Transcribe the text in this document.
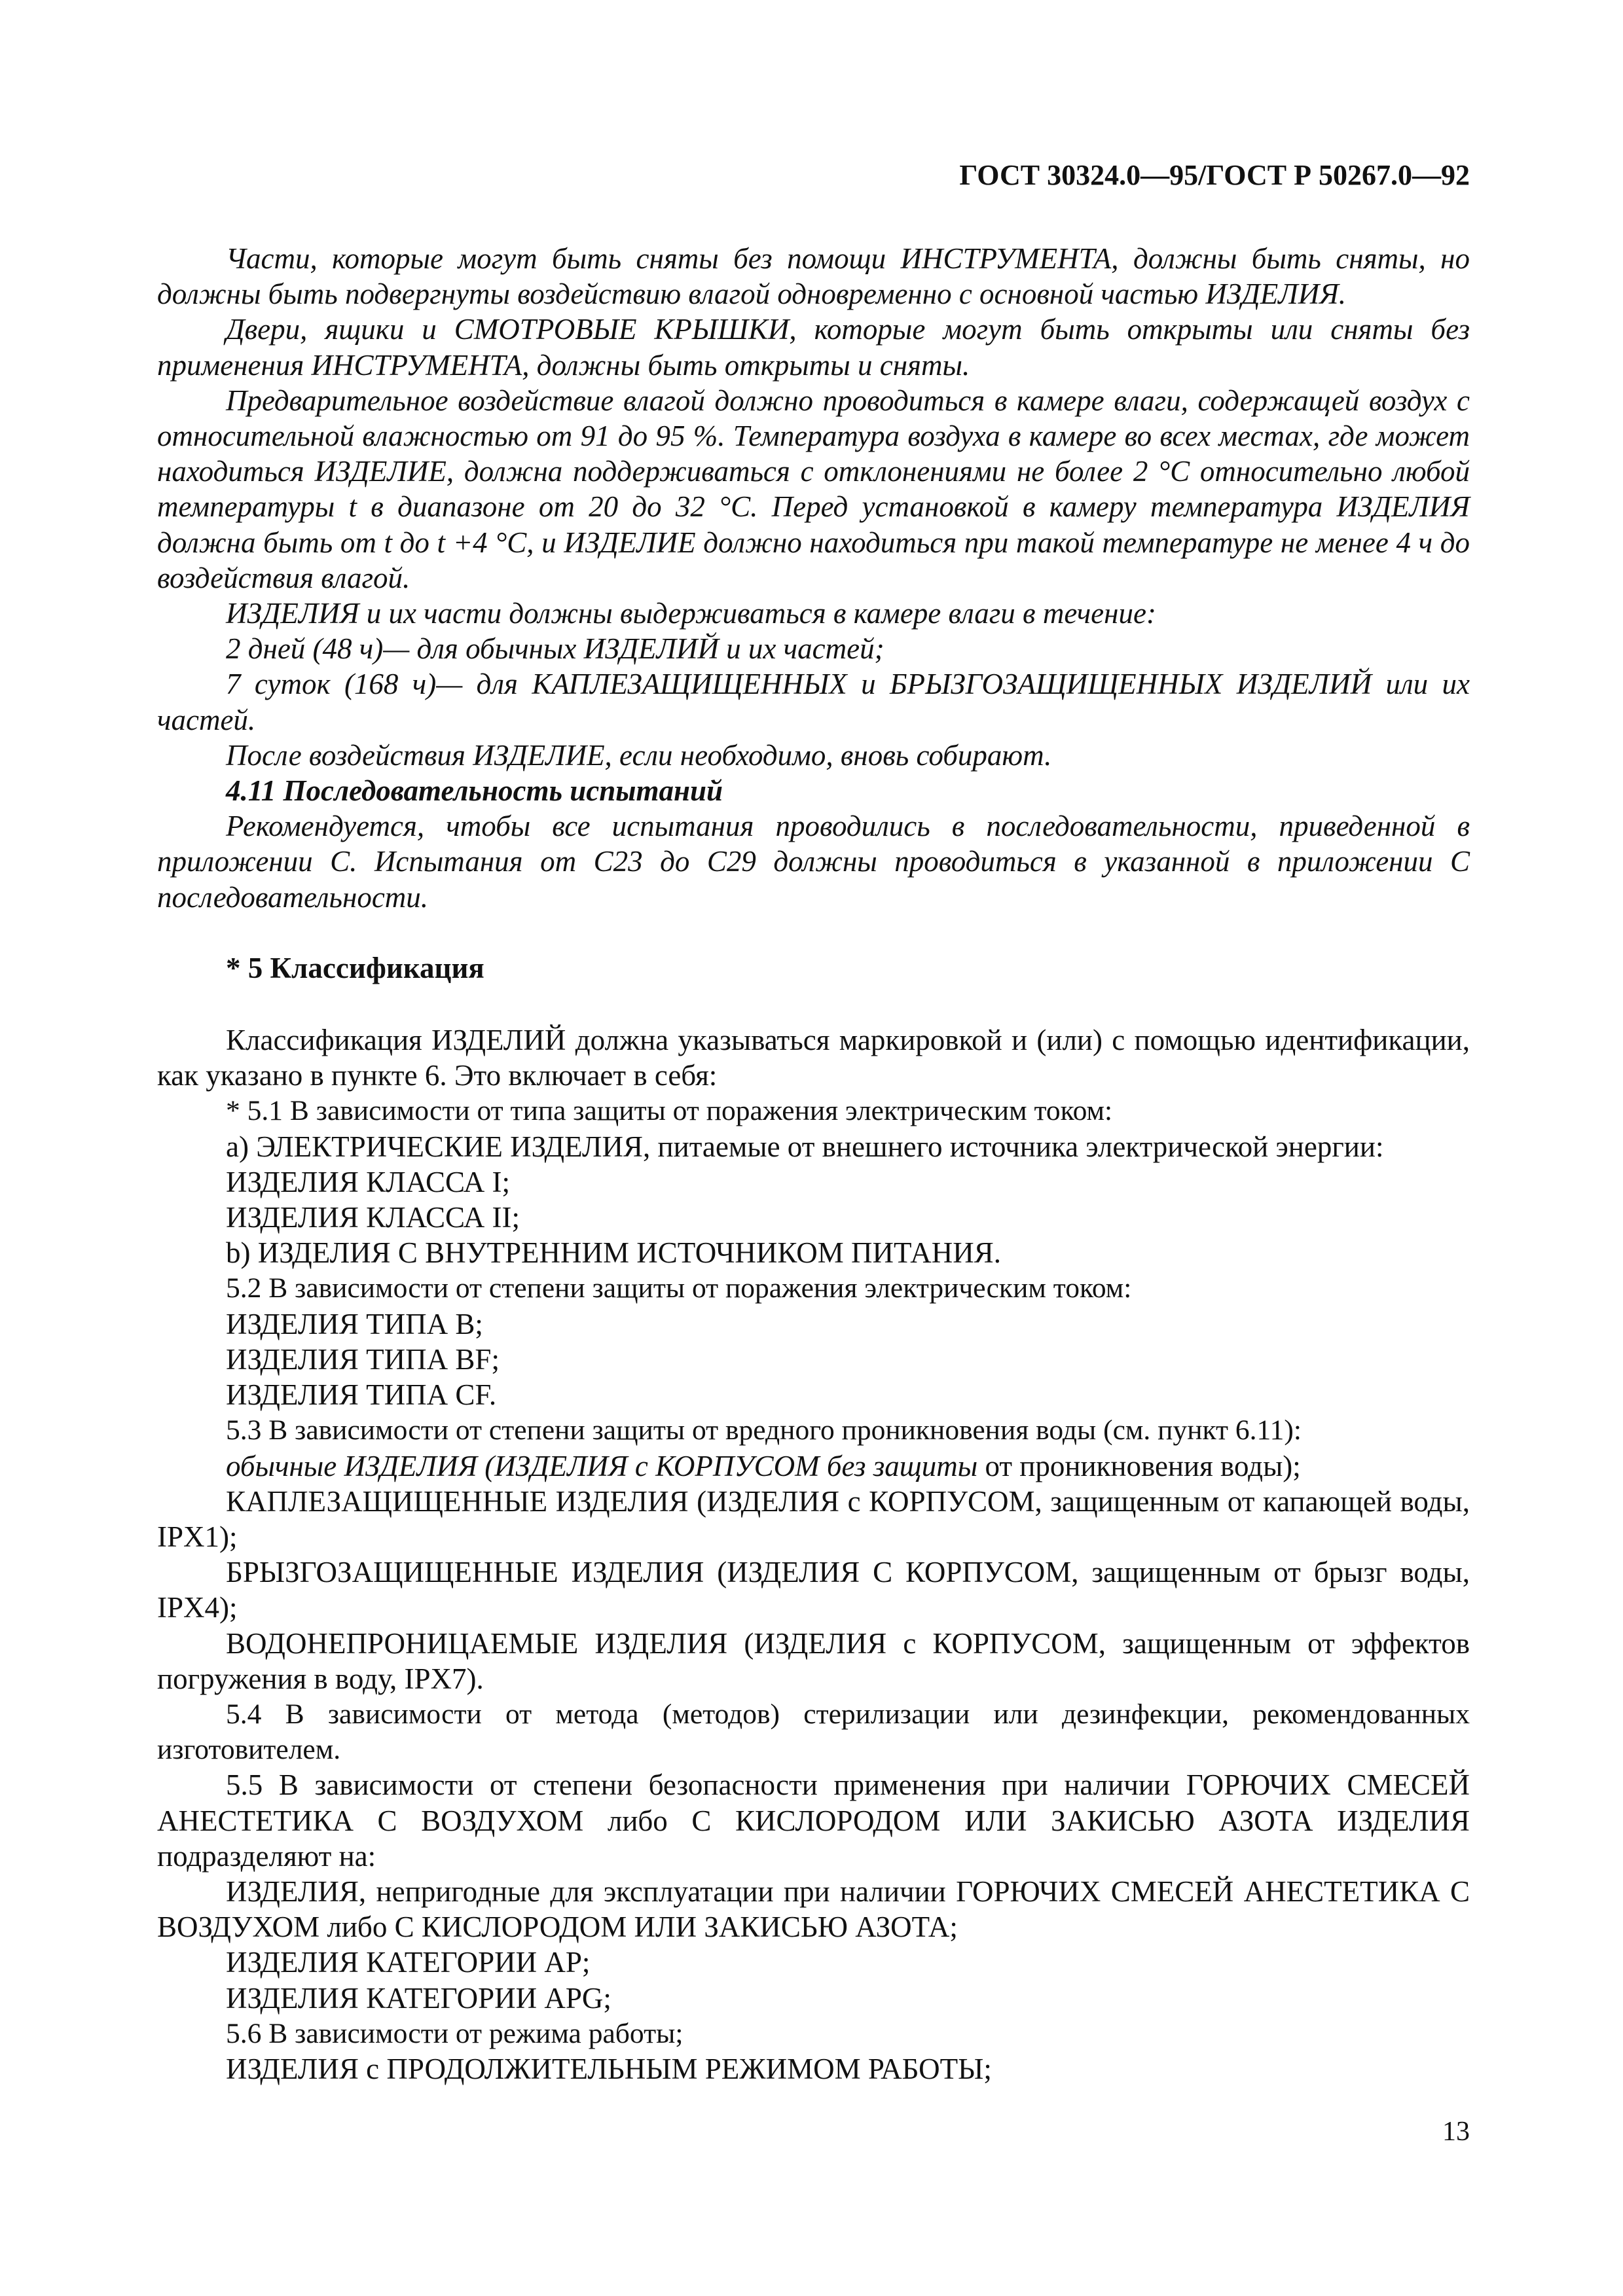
ГОСТ 30324.0—95/ГОСТ Р 50267.0—92

Части, которые могут быть сняты без помощи ИНСТРУМЕНТА, должны быть сняты, но должны быть подвергнуты воздействию влагой одновременно с основной частью ИЗДЕЛИЯ.

Двери, ящики и СМОТРОВЫЕ КРЫШКИ, которые могут быть открыты или сняты без применения ИНСТРУМЕНТА, должны быть открыты и сняты.

Предварительное воздействие влагой должно проводиться в камере влаги, содержащей воздух с относительной влажностью от 91 до 95 %. Температура воздуха в камере во всех местах, где может находиться ИЗДЕЛИЕ, должна поддерживаться с отклонениями не более 2 °С относительно любой температуры t в диапазоне от 20 до 32 °С. Перед установкой в камеру температура ИЗДЕЛИЯ должна быть от t до t +4 °С, и ИЗДЕЛИЕ должно находиться при такой температуре не менее 4 ч до воздействия влагой.

ИЗДЕЛИЯ и их части должны выдерживаться в камере влаги в течение:

2 дней (48 ч)— для обычных ИЗДЕЛИЙ и их частей;

7 суток (168 ч)— для КАПЛЕЗАЩИЩЕННЫХ и БРЫЗГОЗАЩИЩЕННЫХ ИЗДЕЛИЙ или их частей.

После воздействия ИЗДЕЛИЕ, если необходимо, вновь собирают.

4.11 Последовательность испытаний

Рекомендуется, чтобы все испытания проводились в последовательности, приведенной в приложении С. Испытания от С23 до С29 должны проводиться в указанной в приложении С последовательности.

* 5 Классификация

Классификация ИЗДЕЛИЙ должна указываться маркировкой и (или) с помощью идентификации, как указано в пункте 6. Это включает в себя:

* 5.1 В зависимости от типа защиты от поражения электрическим током:

а) ЭЛЕКТРИЧЕСКИЕ ИЗДЕЛИЯ, питаемые от внешнего источника электрической энергии:

ИЗДЕЛИЯ КЛАССА I;

ИЗДЕЛИЯ КЛАССА II;

b) ИЗДЕЛИЯ С ВНУТРЕННИМ ИСТОЧНИКОМ ПИТАНИЯ.

5.2 В зависимости от степени защиты от поражения электрическим током:

ИЗДЕЛИЯ ТИПА B;

ИЗДЕЛИЯ ТИПА BF;

ИЗДЕЛИЯ ТИПА CF.

5.3 В зависимости от степени защиты от вредного проникновения воды (см. пункт 6.11):

обычные ИЗДЕЛИЯ (ИЗДЕЛИЯ с КОРПУСОМ без защиты от проникновения воды);

КАПЛЕЗАЩИЩЕННЫЕ ИЗДЕЛИЯ (ИЗДЕЛИЯ с КОРПУСОМ, защищенным от капающей воды, IPX1);

БРЫЗГОЗАЩИЩЕННЫЕ ИЗДЕЛИЯ (ИЗДЕЛИЯ С КОРПУСОМ, защищенным от брызг воды, IPX4);

ВОДОНЕПРОНИЦАЕМЫЕ ИЗДЕЛИЯ (ИЗДЕЛИЯ с КОРПУСОМ, защищенным от эффектов погружения в воду, IPX7).

5.4 В зависимости от метода (методов) стерилизации или дезинфекции, рекомендованных изготовителем.

5.5 В зависимости от степени безопасности применения при наличии ГОРЮЧИХ СМЕСЕЙ АНЕСТЕТИКА С ВОЗДУХОМ либо С КИСЛОРОДОМ ИЛИ ЗАКИСЬЮ АЗОТА ИЗДЕЛИЯ подразделяют на:

ИЗДЕЛИЯ, непригодные для эксплуатации при наличии ГОРЮЧИХ СМЕСЕЙ АНЕСТЕТИКА С ВОЗДУХОМ либо С КИСЛОРОДОМ ИЛИ ЗАКИСЬЮ АЗОТА;

ИЗДЕЛИЯ КАТЕГОРИИ AP;

ИЗДЕЛИЯ КАТЕГОРИИ APG;

5.6 В зависимости от режима работы;

ИЗДЕЛИЯ с ПРОДОЛЖИТЕЛЬНЫМ РЕЖИМОМ РАБОТЫ;

13
